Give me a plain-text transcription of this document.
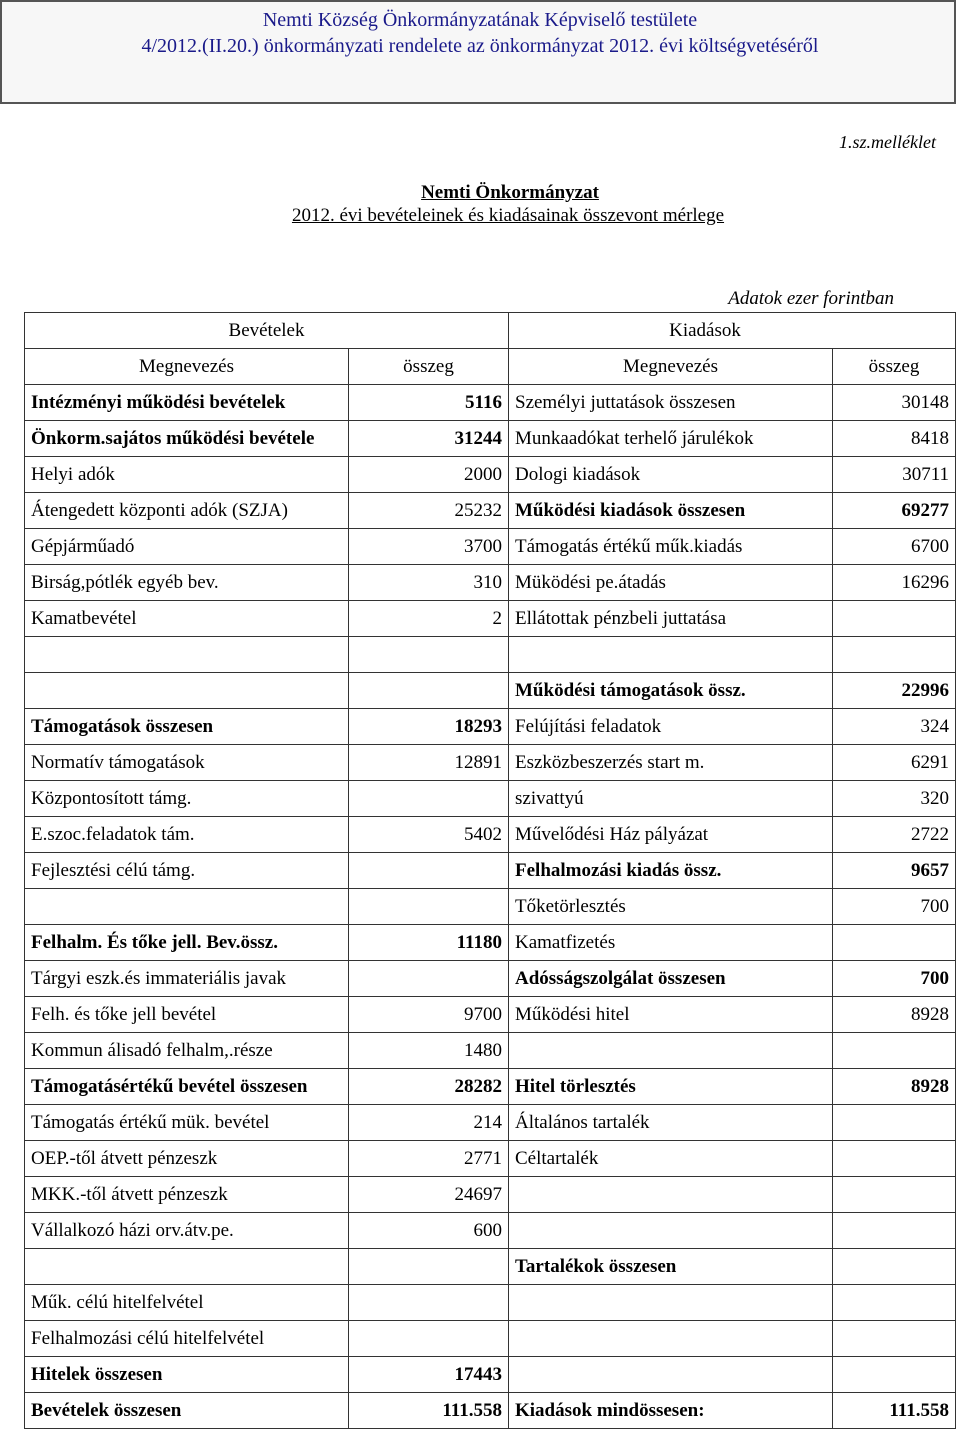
Nemti Község Önkormányzatának Képviselő testülete
4/2012.(II.20.) önkormányzati rendelete az önkormányzat 2012. évi költségvetéséről
1.sz.melléklet
Nemti Önkormányzat
2012. évi bevételeinek és kiadásainak összevont mérlege
Adatok ezer forintban
Bevételek		Kiadások	
Megnevezés	összeg	Megnevezés	összeg
Intézményi működési bevételek	5116	Személyi juttatások összesen	30148
Önkorm.sajátos működési bevétele	31244	Munkaadókat terhelő járulékok	8418
Helyi adók	2000	Dologi kiadások	30711
Átengedett központi adók (SZJA)	25232	Működési kiadások összesen	69277
Gépjárműadó	3700	Támogatás értékű műk.kiadás	6700
Birság,pótlék egyéb bev.	310	Müködési pe.átadás	16296
Kamatbevétel	2	Ellátottak pénzbeli juttatása	

		Működési támogatások össz.	22996
Támogatások összesen	18293	Felújítási feladatok	324
Normatív támogatások	12891	Eszközbeszerzés start m.	6291
Központosított támg.		szivattyú	320
E.szoc.feladatok tám.	5402	Művelődési Ház pályázat	2722
Fejlesztési célú támg.		Felhalmozási kiadás össz.	9657
		Tőketörlesztés	700
Felhalm. És tőke jell. Bev.össz.	11180	Kamatfizetés	
Tárgyi eszk.és immateriális javak		Adósságszolgálat összesen	700
Felh. és tőke jell bevétel	9700	Működési hitel	8928
Kommun álisadó felhalm,.része	1480		
Támogatásértékű bevétel összesen	28282	Hitel törlesztés	8928
Támogatás értékű mük. bevétel	214	Általános tartalék	
OEP.-től átvett pénzeszk	2771	Céltartalék	
MKK.-től átvett pénzeszk	24697		
Vállalkozó házi orv.átv.pe.	600		
		Tartalékok összesen	
Műk. célú hitelfelvétel			
Felhalmozási célú hitelfelvétel			
Hitelek összesen	17443		
Bevételek összesen	111.558	Kiadások mindössesen:	111.558
